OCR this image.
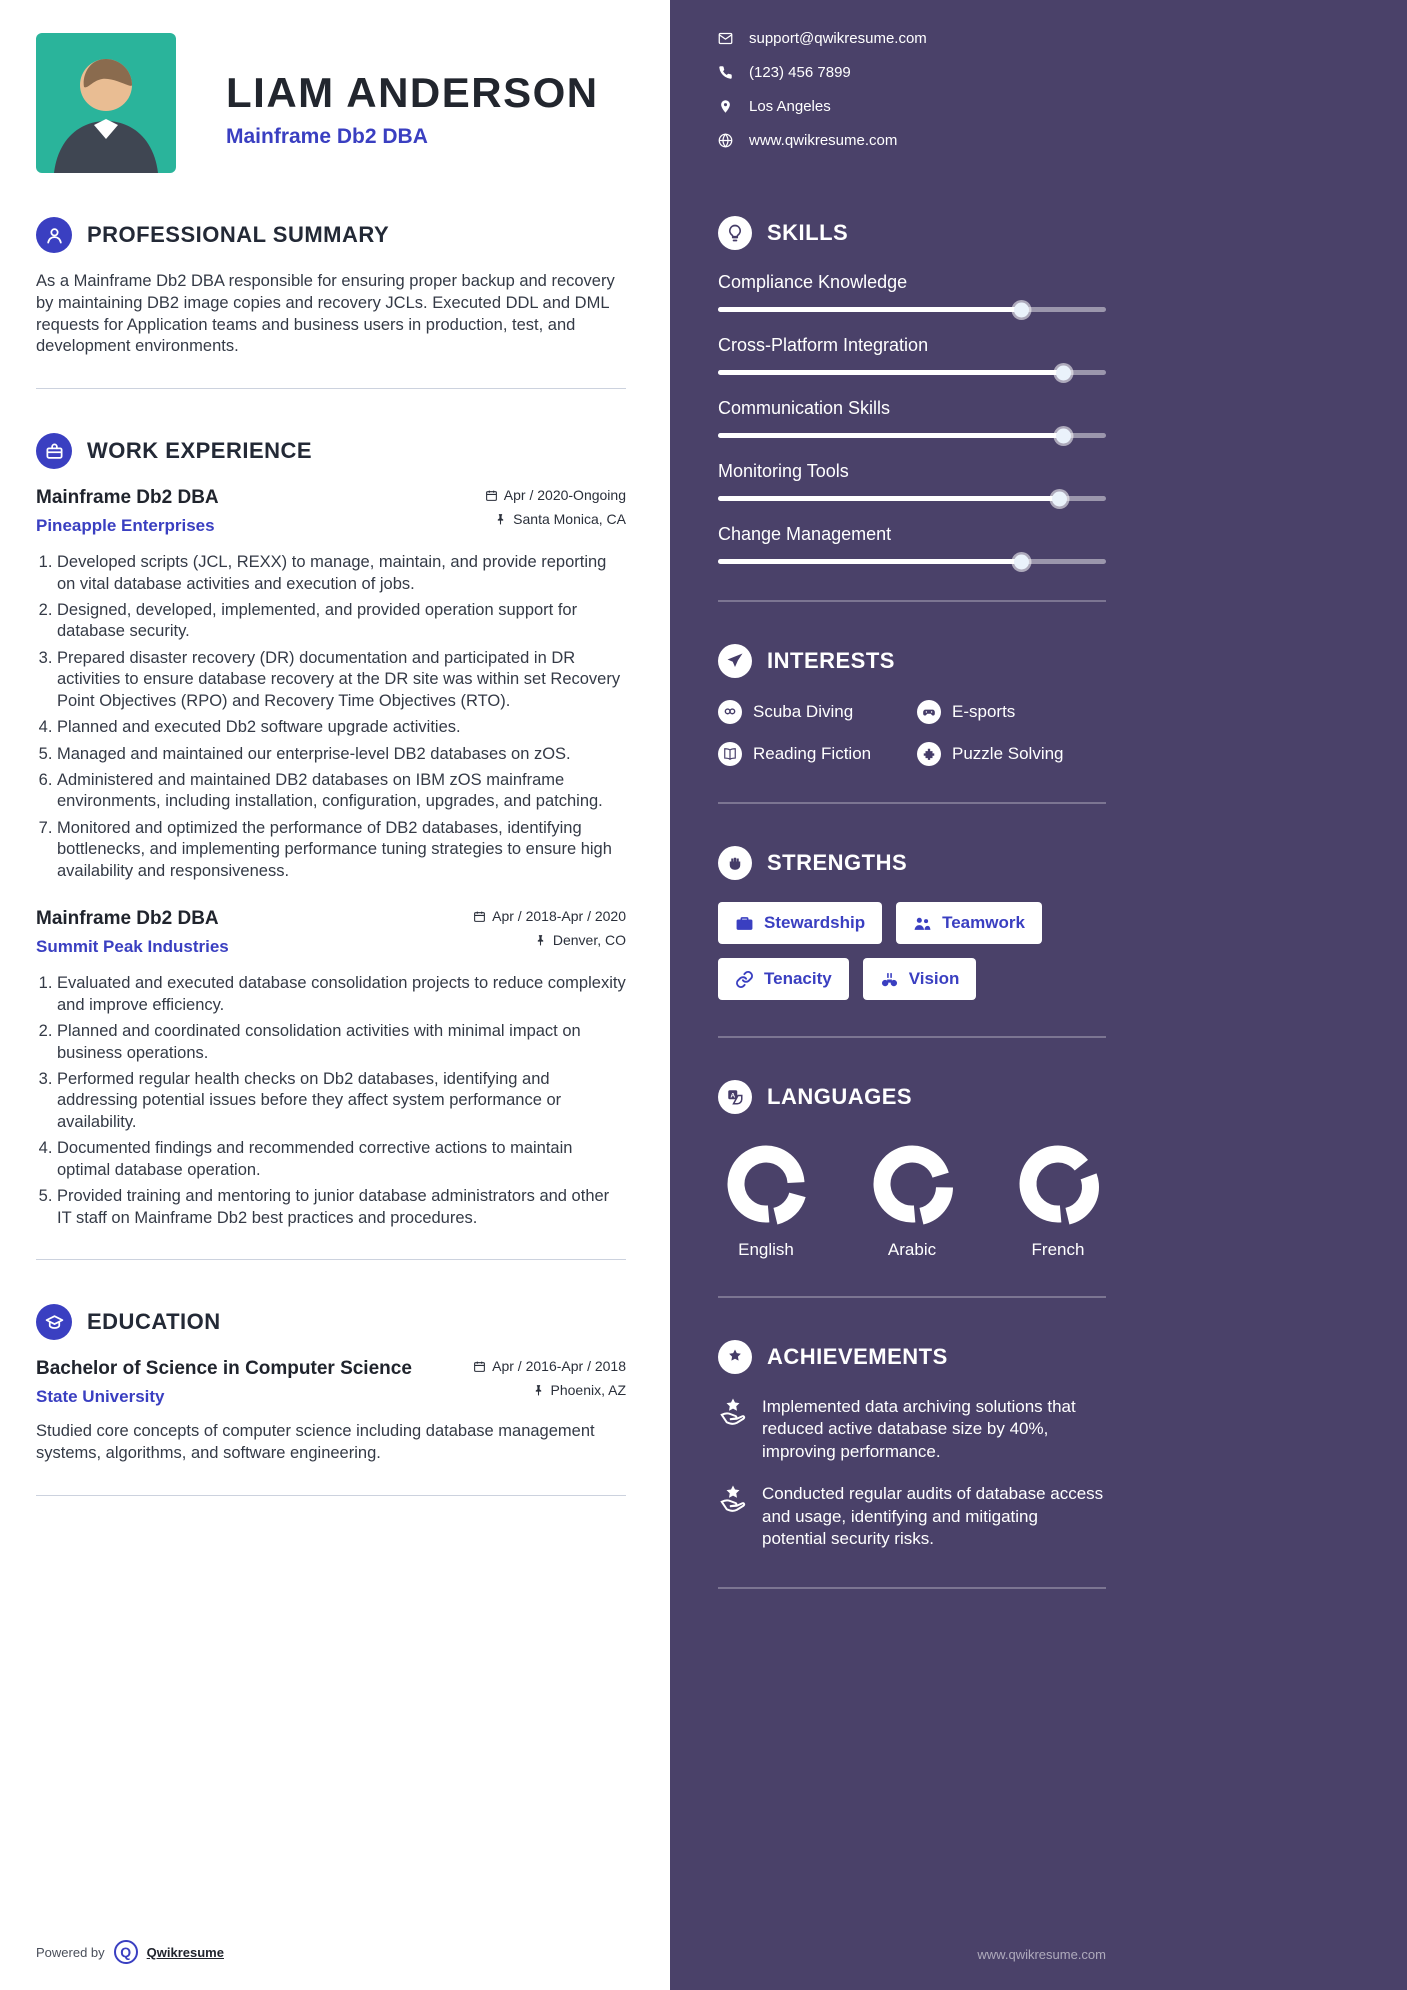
LIAM ANDERSON
Mainframe Db2 DBA
PROFESSIONAL SUMMARY

As a Mainframe Db2 DBA responsible for ensuring proper backup and recovery by maintaining DB2 image copies and recovery JCLs. Executed DDL and DML requests for Application teams and business users in production, test, and development environments.

WORK EXPERIENCE
Mainframe Db2 DBA
Pineapple Enterprises
Apr / 2020-Ongoing
Santa Monica, CA
1. Developed scripts (JCL, REXX) to manage, maintain, and provide reporting on vital database activities and execution of jobs.
2. Designed, developed, implemented, and provided operation support for database security.
3. Prepared disaster recovery (DR) documentation and participated in DR activities to ensure database recovery at the DR site was within set Recovery Point Objectives (RPO) and Recovery Time Objectives (RTO).
4. Planned and executed Db2 software upgrade activities.
5. Managed and maintained our enterprise-level DB2 databases on zOS.
6. Administered and maintained DB2 databases on IBM zOS mainframe environments, including installation, configuration, upgrades, and patching.
7. Monitored and optimized the performance of DB2 databases, identifying bottlenecks, and implementing performance tuning strategies to ensure high availability and responsiveness.
Mainframe Db2 DBA
Summit Peak Industries
Apr / 2018-Apr / 2020
Denver, CO
1. Evaluated and executed database consolidation projects to reduce complexity and improve efficiency.
2. Planned and coordinated consolidation activities with minimal impact on business operations.
3. Performed regular health checks on Db2 databases, identifying and addressing potential issues before they affect system performance or availability.
4. Documented findings and recommended corrective actions to maintain optimal database operation.
5. Provided training and mentoring to junior database administrators and other IT staff on Mainframe Db2 best practices and procedures.
EDUCATION
Bachelor of Science in Computer Science
State University
Apr / 2016-Apr / 2018
Phoenix, AZ

Studied core concepts of computer science including database management systems, algorithms, and software engineering.

Powered by	Q	Qwikresume
support@qwikresume.com
(123) 456 7899
Los Angeles
www.qwikresume.com
SKILLS
Compliance Knowledge
Cross-Platform Integration
Communication Skills
Monitoring Tools
Change Management
INTERESTS
Scuba Diving	E-sports
Reading Fiction	Puzzle Solving
STRENGTHS
Stewardship	Teamwork
Tenacity	Vision
A LANGUAGES
English	Arabic	French
ACHIEVEMENTS
Implemented data archiving solutions that reduced active database size by 40%, improving performance.
Conducted regular audits of database access and usage, identifying and mitigating potential security risks.
www.qwikresume.com
